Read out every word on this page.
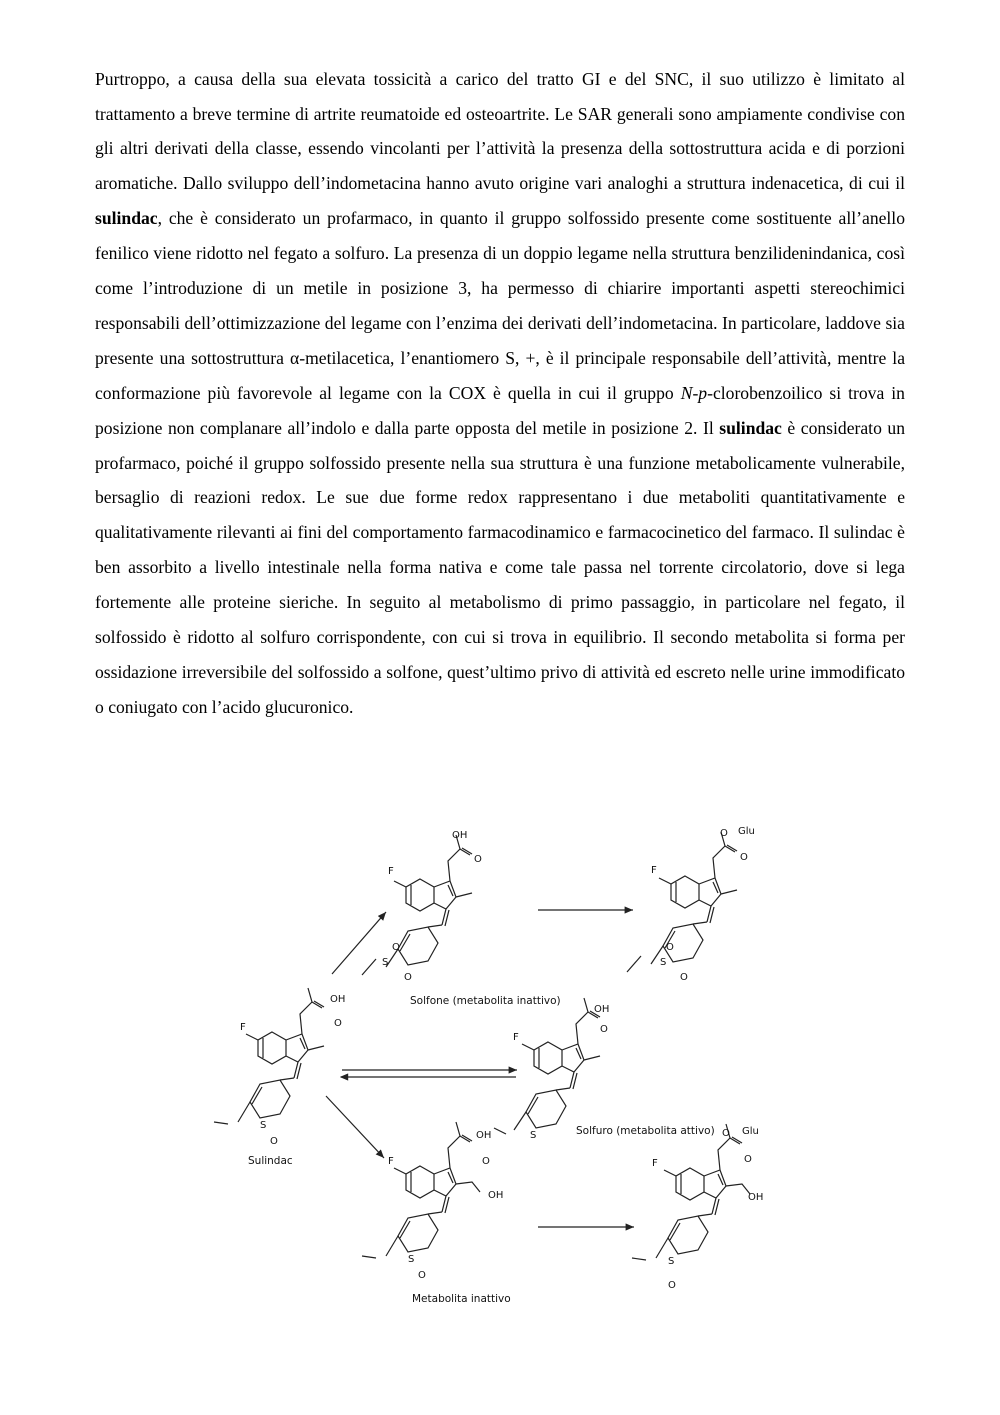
Purtroppo, a causa della sua elevata tossicità a carico del tratto GI e del SNC, il suo utilizzo è limitato al trattamento a breve termine di artrite reumatoide ed osteoartrite. Le SAR generali sono ampiamente condivise con gli altri derivati della classe, essendo vincolanti per l’attività la presenza della sottostruttura acida e di porzioni aromatiche. Dallo sviluppo dell’indometacina hanno avuto origine vari analoghi a struttura indenacetica, di cui il sulindac, che è considerato un profarmaco, in quanto il gruppo solfossido presente come sostituente all’anello fenilico viene ridotto nel fegato a solfuro. La presenza di un doppio legame nella struttura benzilidenindanica, così come l’introduzione di un metile in posizione 3, ha permesso di chiarire importanti aspetti stereochimici responsabili dell’ottimizzazione del legame con l’enzima dei derivati dell’indometacina. In particolare, laddove sia presente una sottostruttura α-metilacetica, l’enantiomero S, +, è il principale responsabile dell’attività, mentre la conformazione più favorevole al legame con la COX è quella in cui il gruppo N-p-clorobenzoilico si trova in posizione non complanare all’indolo e dalla parte opposta del metile in posizione 2. Il sulindac è considerato un profarmaco, poiché il gruppo solfossido presente nella sua struttura è una funzione metabolicamente vulnerabile, bersaglio di reazioni redox. Le sue due forme redox rappresentano i due metaboliti quantitativamente e qualitativamente rilevanti ai fini del comportamento farmacodinamico e farmacocinetico del farmaco. Il sulindac è ben assorbito a livello intestinale nella forma nativa e come tale passa nel torrente circolatorio, dove si lega fortemente alle proteine sieriche. In seguito al metabolismo di primo passaggio, in particolare nel fegato, il solfossido è ridotto al solfuro corrispondente, con cui si trova in equilibrio. Il secondo metabolita si forma per ossidazione irreversibile del solfossido a solfone, quest’ultimo privo di attività ed escreto nelle urine immodificato o coniugato con l’acido glucuronico.

F
OH
O
S
O
O
Solfone (metabolita inattivo)
F
O Glu
O
S
O
O
F
OH
O
S
O
Sulindac
F
OH
O
S	Solfuro (metabolita attivo)
F
OH
O
OH
S
O
Metabolita inattivo
F
O Glu
O
OH
S
O
